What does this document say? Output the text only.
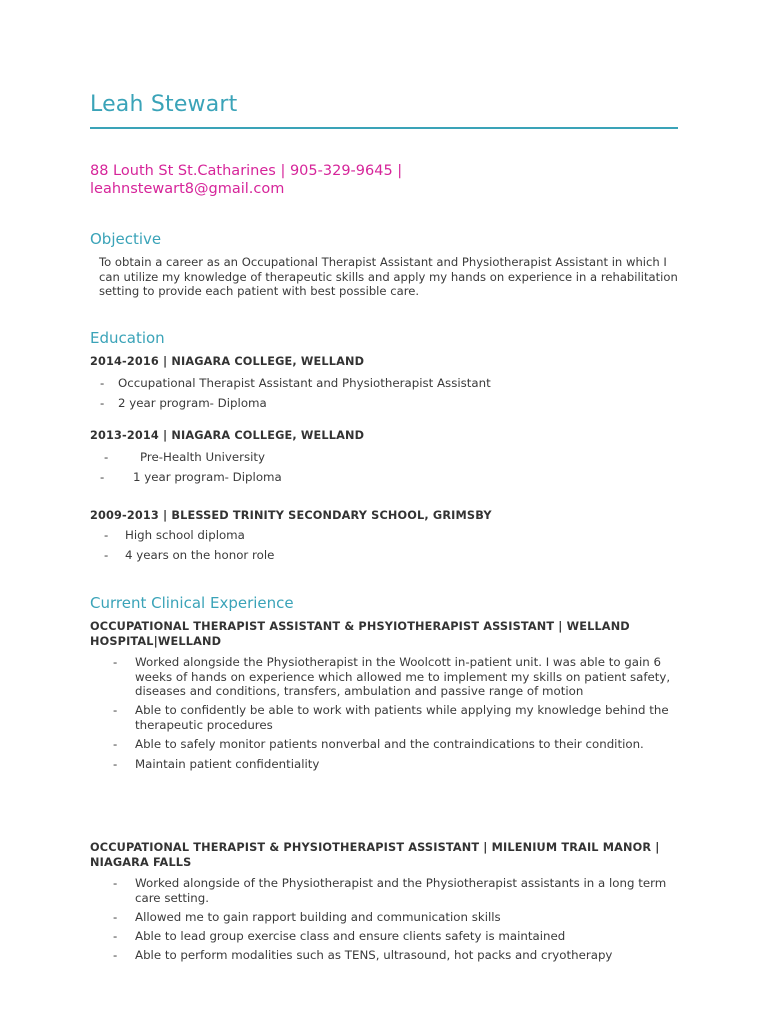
Leah Stewart
88 Louth St St.Catharines | 905-329-9645 | leahnstewart8@gmail.com
Objective
To obtain a career as an Occupational Therapist Assistant and Physiotherapist Assistant in which I can utilize my knowledge of therapeutic skills and apply my hands on experience in a rehabilitation setting to provide each patient with best possible care.
Education
2014-2016 | NIAGARA COLLEGE, WELLAND
- Occupational Therapist Assistant and Physiotherapist Assistant
- 2 year program- Diploma
2013-2014 | NIAGARA COLLEGE, WELLAND
-	Pre-Health University
- 1 year program- Diploma
2009-2013 | BLESSED TRINITY SECONDARY SCHOOL, GRIMSBY
- High school diploma
- 4 years on the honor role
Current Clinical Experience
OCCUPATIONAL THERAPIST ASSISTANT & PHSYIOTHERAPIST ASSISTANT | WELLAND HOSPITAL|WELLAND
- Worked alongside the Physiotherapist in the Woolcott in-patient unit. I was able to gain 6 weeks of hands on experience which allowed me to implement my skills on patient safety, diseases and conditions, transfers, ambulation and passive range of motion
- Able to confidently be able to work with patients while applying my knowledge behind the therapeutic procedures
- Able to safely monitor patients nonverbal and the contraindications to their condition.
- Maintain patient confidentiality
OCCUPATIONAL THERAPIST & PHYSIOTHERAPIST ASSISTANT | MILENIUM TRAIL MANOR | NIAGARA FALLS
- Worked alongside of the Physiotherapist and the Physiotherapist assistants in a long term care setting.
- Allowed me to gain rapport building and communication skills
- Able to lead group exercise class and ensure clients safety is maintained
- Able to perform modalities such as TENS, ultrasound, hot packs and cryotherapy
